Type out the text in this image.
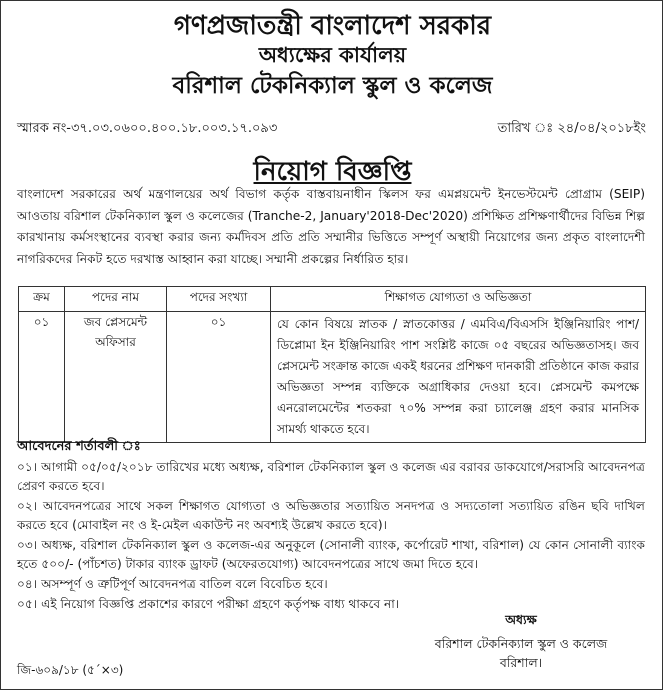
গণপ্রজাতন্ত্রী বাংলাদেশ সরকার
অধ্যক্ষের কার্যালয়
বরিশাল টেকনিক্যাল স্কুল ও কলেজ
স্মারক নং-৩৭.০৩.০৬০০.৪০০.১৮.০০৩.১৭.০৯৩	তারিখ ঃ ২৪/০৪/২০১৮ইং
নিয়োগ বিজ্ঞপ্তি
বাংলাদেশ সরকারের অর্থ মন্ত্রণালয়ের অর্থ বিভাগ কর্তৃক বাস্তবায়নাধীন স্কিলস ফর এমপ্লয়মেন্ট ইনভেস্টমেন্ট প্রোগ্রাম (SEIP) আওতায় বরিশাল টেকনিক্যাল স্কুল ও কলেজের (Tranche-2, January'2018-Dec'2020) প্রশিক্ষিত প্রশিক্ষণার্থীদের বিভিন্ন শিল্প কারখানায় কর্মসংস্থানের ব্যবস্থা করার জন্য কর্মদিবস প্রতি প্রতি সম্মানীর ভিত্তিতে সম্পূর্ণ অস্থায়ী নিয়োগের জন্য প্রকৃত বাংলাদেশী নাগরিকদের নিকট হতে দরখাস্ত আহ্বান করা যাচ্ছে। সম্মানী প্রকল্পের নির্ধারিত হার।
ক্রম	পদের নাম	পদের সংখ্যা	শিক্ষাগত যোগ্যতা ও অভিজ্ঞতা
০১	জব প্লেসমেন্ট অফিসার	০১	যে কোন বিষয়ে স্নাতক / স্নাতকোত্তর / এমবিএ/বিএসসি ইঞ্জিনিয়ারিং পাশ/ ডিপ্লোমা ইন ইঞ্জিনিয়ারিং পাশ সংশ্লিষ্ট কাজে ০৫ বছরের অভিজ্ঞতাসহ। জব প্লেসমেন্ট সংক্রান্ত কাজে একই ধরনের প্রশিক্ষণ দানকারী প্রতিষ্ঠানে কাজ করার অভিজ্ঞতা সম্পন্ন ব্যক্তিকে অগ্রাধিকার দেওয়া হবে। প্লেসমেন্ট কমপক্ষে এনরোলমেন্টের শতকরা ৭০% সম্পন্ন করা চ্যালেঞ্জ গ্রহণ করার মানসিক সামর্থ্য থাকতে হবে।
আবেদনের শর্তাবলী ঃ
০১। আগামী ০৫/০৫/২০১৮ তারিখের মধ্যে অধ্যক্ষ, বরিশাল টেকনিক্যাল স্কুল ও কলেজ এর বরাবর ডাকযোগে/সরাসরি আবেদনপত্র প্রেরণ করতে হবে।
০২। আবেদনপত্রের সাথে সকল শিক্ষাগত যোগ্যতা ও অভিজ্ঞতার সত্যায়িত সনদপত্র ও সদ্যতোলা সত্যায়িত রঙিন ছবি দাখিল করতে হবে (মোবাইল নং ও ই-মেইল একাউন্ট নং অবশ্যই উল্লেখ করতে হবে)।
০৩। অধ্যক্ষ, বরিশাল টেকনিক্যাল স্কুল ও কলেজ-এর অনুকূলে (সোনালী ব্যাংক, কর্পোরেট শাখা, বরিশাল) যে কোন সোনালী ব্যাংক হতে ৫০০/- (পাঁচশত) টাকার ব্যাংক ড্রাফট (অফেরতযোগ্য) আবেদনপত্রের সাথে জমা দিতে হবে।
০৪। অসম্পূর্ণ ও ত্রুটিপূর্ণ আবেদনপত্র বাতিল বলে বিবেচিত হবে।
০৫। এই নিয়োগ বিজ্ঞপ্তি প্রকাশের কারণে পরীক্ষা গ্রহণে কর্তৃপক্ষ বাধ্য থাকবে না।
অধ্যক্ষ
বরিশাল টেকনিক্যাল স্কুল ও কলেজ
বরিশাল।
জি-৬০৯/১৮ (৫´×৩)
